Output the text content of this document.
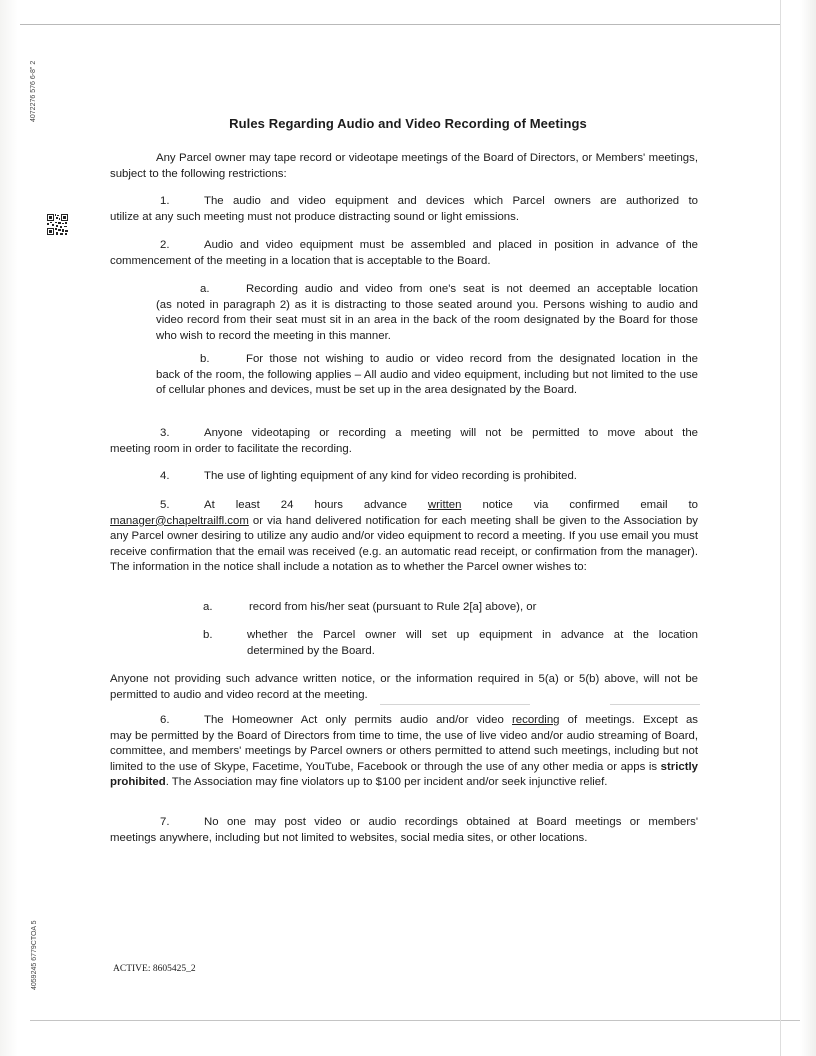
4072276 576 6-8" 2
4059245 6779CTOA 5
Rules Regarding Audio and Video Recording of Meetings
Any Parcel owner may tape record or videotape meetings of the Board of Directors, or Members' meetings, subject to the following restrictions:
1.	The audio and video equipment and devices which Parcel owners are authorized to
utilize at any such meeting must not produce distracting sound or light emissions.
2.	Audio and video equipment must be assembled and placed in position in advance of the
commencement of the meeting in a location that is acceptable to the Board.
a.	Recording audio and video from one's seat is not deemed an acceptable location
(as noted in paragraph 2) as it is distracting to those seated around you. Persons wishing to audio and video record from their seat must sit in an area in the back of the room designated by the Board for those who wish to record the meeting in this manner.
b.	For those not wishing to audio or video record from the designated location in the
back of the room, the following applies – All audio and video equipment, including but not limited to the use of cellular phones and devices, must be set up in the area designated by the Board.
3.	Anyone videotaping or recording a meeting will not be permitted to move about the
meeting room in order to facilitate the recording.
4.	The use of lighting equipment of any kind for video recording is prohibited.
5.	At least 24 hours advance written notice via confirmed email to
manager@chapeltrailfl.com or via hand delivered notification for each meeting shall be given to the Association by any Parcel owner desiring to utilize any audio and/or video equipment to record a meeting. If you use email you must receive confirmation that the email was received (e.g. an automatic read receipt, or confirmation from the manager). The information in the notice shall include a notation as to whether the Parcel owner wishes to:
a.	record from his/her seat (pursuant to Rule 2[a] above), or
b.	whether the Parcel owner will set up equipment in advance at the location
determined by the Board.
Anyone not providing such advance written notice, or the information required in 5(a) or 5(b) above, will not be permitted to audio and video record at the meeting.
6.	The Homeowner Act only permits audio and/or video recording of meetings. Except as
may be permitted by the Board of Directors from time to time, the use of live video and/or audio streaming of Board, committee, and members' meetings by Parcel owners or others permitted to attend such meetings, including but not limited to the use of Skype, Facetime, YouTube, Facebook or through the use of any other media or apps is strictly prohibited. The Association may fine violators up to $100 per incident and/or seek injunctive relief.
7.	No one may post video or audio recordings obtained at Board meetings or members'
meetings anywhere, including but not limited to websites, social media sites, or other locations.
ACTIVE: 8605425_2
